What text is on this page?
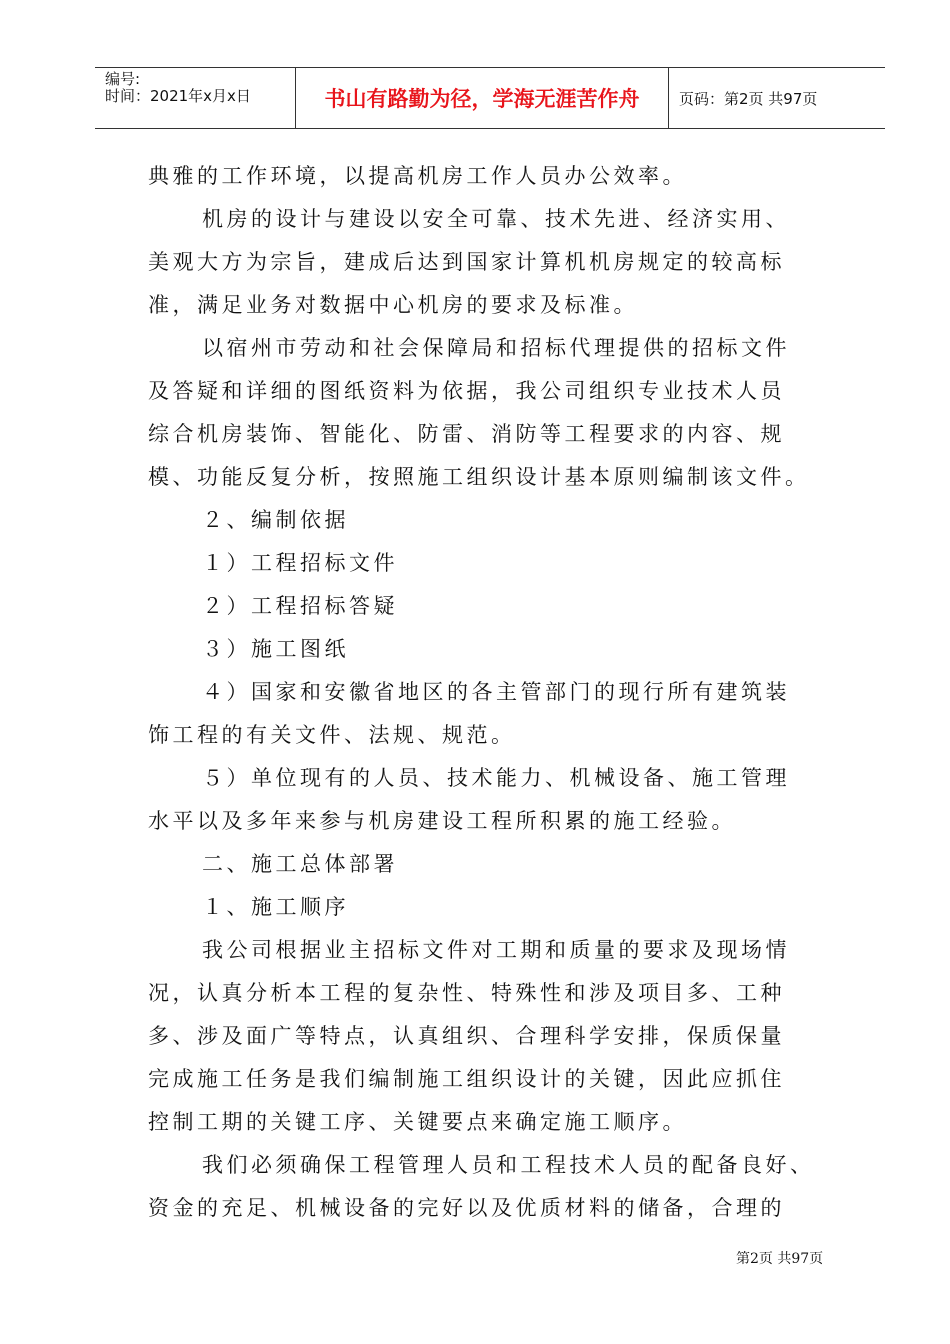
编号:
时间：2021年x月x日	书山有路勤为径，学海无涯苦作舟	页码：第2页 共97页
典雅的工作环境，以提高机房工作人员办公效率。
机房的设计与建设以安全可靠、技术先进、经济实用、
美观大方为宗旨，建成后达到国家计算机机房规定的较高标
准，满足业务对数据中心机房的要求及标准。
以宿州市劳动和社会保障局和招标代理提供的招标文件
及答疑和详细的图纸资料为依据，我公司组织专业技术人员
综合机房装饰、智能化、防雷、消防等工程要求的内容、规
模、功能反复分析，按照施工组织设计基本原则编制该文件。
２、编制依据
１）工程招标文件
２）工程招标答疑
３）施工图纸
４）国家和安徽省地区的各主管部门的现行所有建筑装
饰工程的有关文件、法规、规范。
５）单位现有的人员、技术能力、机械设备、施工管理
水平以及多年来参与机房建设工程所积累的施工经验。
二、施工总体部署
１、施工顺序
我公司根据业主招标文件对工期和质量的要求及现场情
况，认真分析本工程的复杂性、特殊性和涉及项目多、工种
多、涉及面广等特点，认真组织、合理科学安排，保质保量
完成施工任务是我们编制施工组织设计的关键，因此应抓住
控制工期的关键工序、关键要点来确定施工顺序。
我们必须确保工程管理人员和工程技术人员的配备良好、
资金的充足、机械设备的完好以及优质材料的储备，合理的
第2页 共97页
